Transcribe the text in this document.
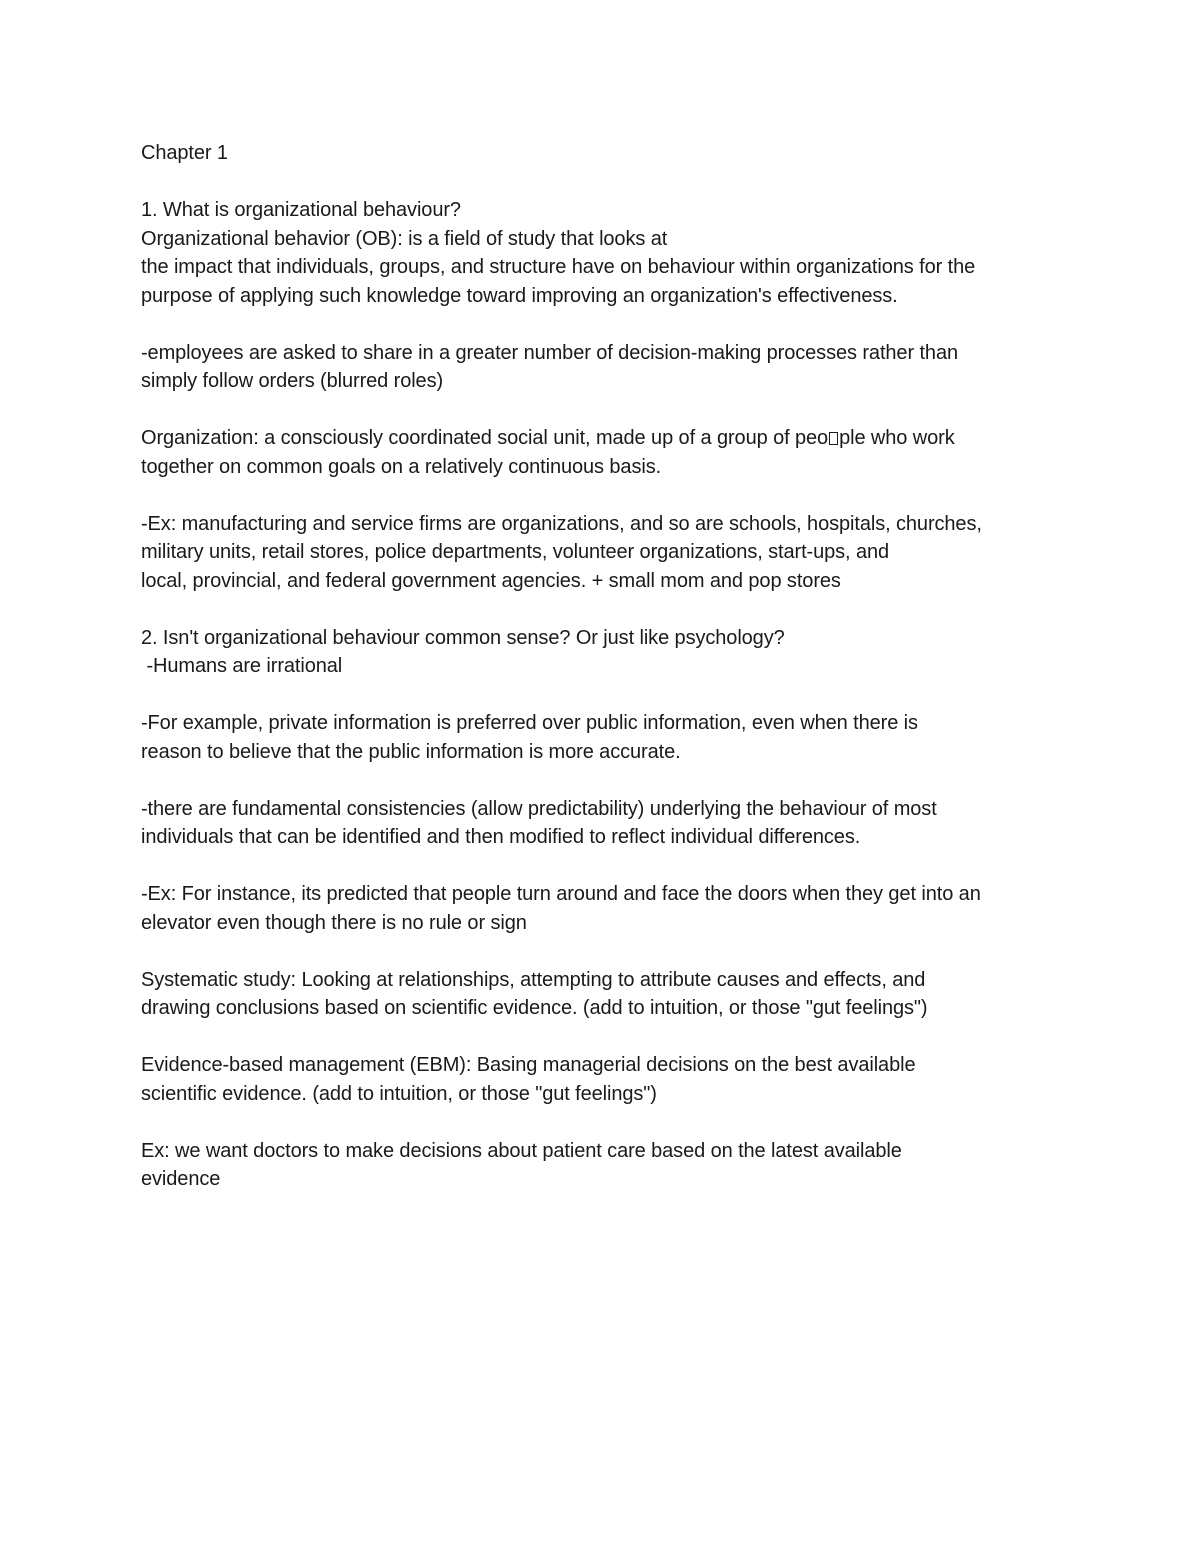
Chapter 1
1. What is organizational behaviour?
Organizational behavior (OB): is a field of study that looks at
the impact that individuals, groups, and structure have on behaviour within organizations for the
purpose of applying such knowledge toward improving an organization's effectiveness.
-employees are asked to share in a greater number of decision-making processes rather than
simply follow orders (blurred roles)
Organization: a consciously coordinated social unit, made up of a group of peo ple who work
together on common goals on a relatively continuous basis.
-Ex: manufacturing and service firms are organizations, and so are schools, hospitals, churches,
military units, retail stores, police departments, volunteer organizations, start-ups, and
local, provincial, and federal government agencies. + small mom and pop stores
2. Isn't organizational behaviour common sense? Or just like psychology?
-Humans are irrational
-For example, private information is preferred over public information, even when there is
reason to believe that the public information is more accurate.
-there are fundamental consistencies (allow predictability) underlying the behaviour of most
individuals that can be identified and then modified to reflect individual differences.
-Ex: For instance, its predicted that people turn around and face the doors when they get into an
elevator even though there is no rule or sign
Systematic study: Looking at relationships, attempting to attribute causes and effects, and
drawing conclusions based on scientific evidence. (add to intuition, or those "gut feelings")
Evidence-based management (EBM): Basing managerial decisions on the best available
scientific evidence. (add to intuition, or those "gut feelings")
Ex: we want doctors to make decisions about patient care based on the latest available
evidence
